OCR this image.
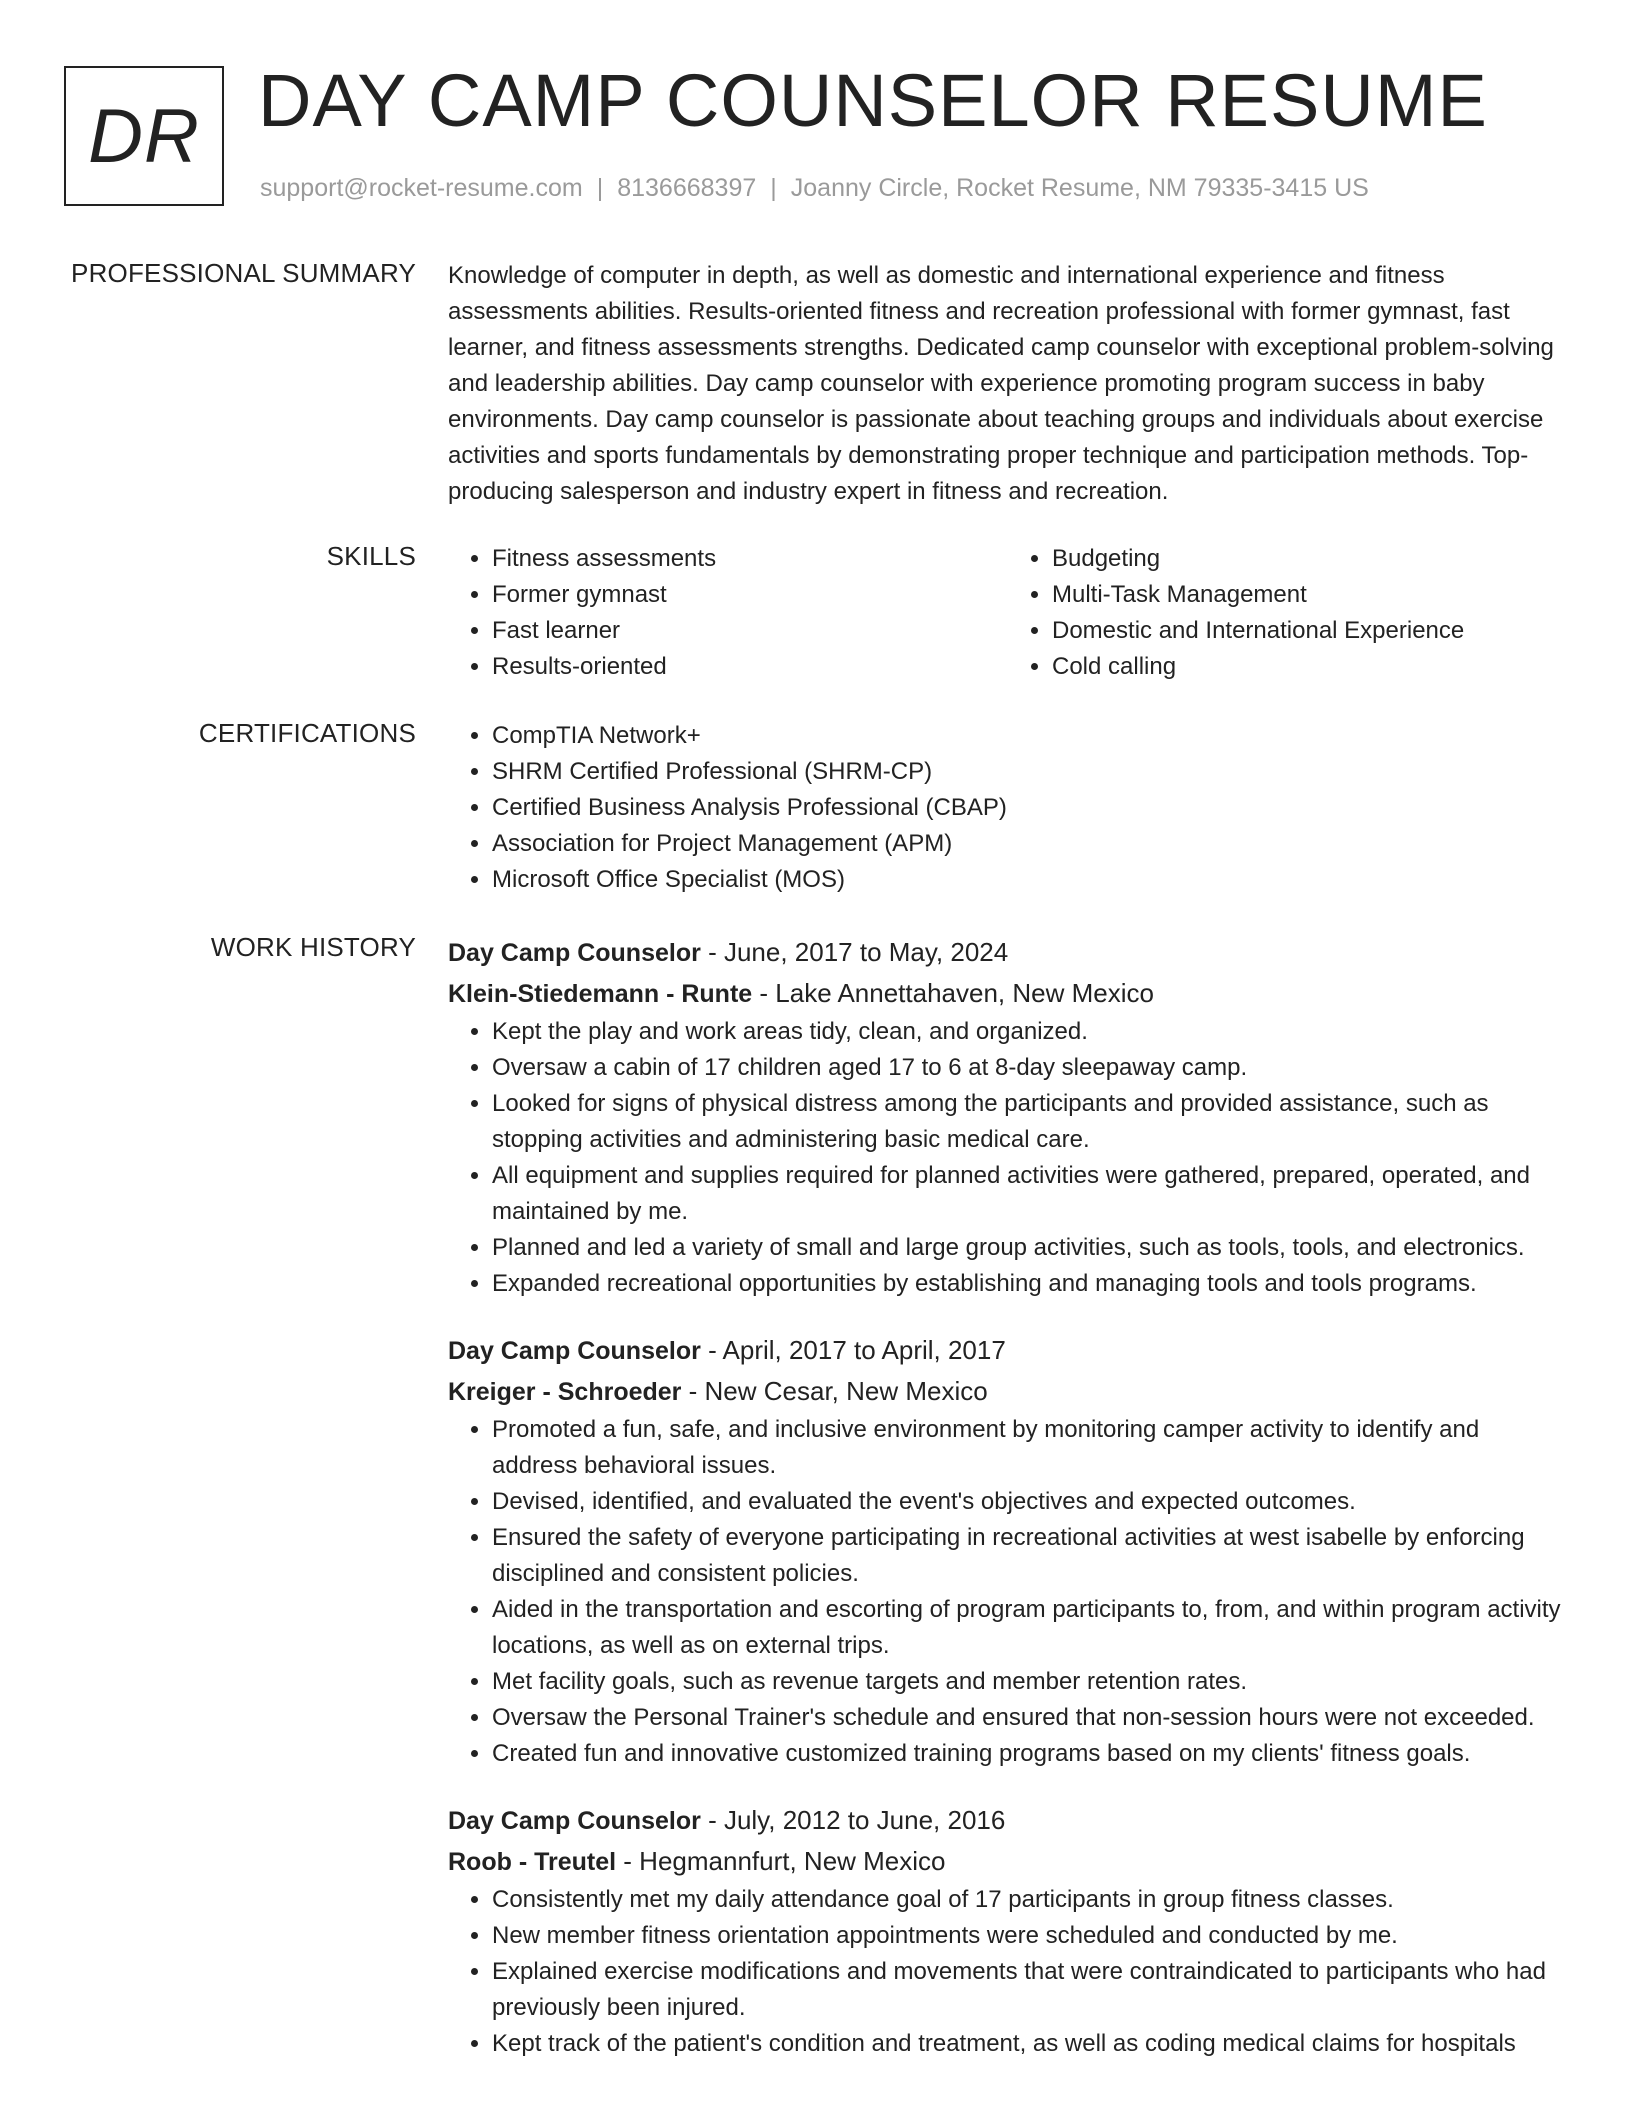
DR DAY CAMP COUNSELOR RESUME
support@rocket-resume.com | 8136668397 | Joanny Circle, Rocket Resume, NM 79335-3415 US
PROFESSIONAL SUMMARY Knowledge of computer in depth, as well as domestic and international experience and fitness assessments abilities. Results-oriented fitness and recreation professional with former gymnast, fast learner, and fitness assessments strengths. Dedicated camp counselor with exceptional problem-solving and leadership abilities. Day camp counselor with experience promoting program success in baby environments. Day camp counselor is passionate about teaching groups and individuals about exercise activities and sports fundamentals by demonstrating proper technique and participation methods. Top-producing salesperson and industry expert in fitness and recreation.
SKILLS	• Fitness assessments
• Former gymnast
• Fast learner
• Results-oriented
• Budgeting
• Multi-Task Management
• Domestic and International Experience
• Cold calling
CERTIFICATIONS	• CompTIA Network+
• SHRM Certified Professional (SHRM-CP)
• Certified Business Analysis Professional (CBAP)
• Association for Project Management (APM)
• Microsoft Office Specialist (MOS)
WORK HISTORY Day Camp Counselor - June, 2017 to May, 2024
Klein-Stiedemann - Runte - Lake Annettahaven, New Mexico
• Kept the play and work areas tidy, clean, and organized.
• Oversaw a cabin of 17 children aged 17 to 6 at 8-day sleepaway camp.
• Looked for signs of physical distress among the participants and provided assistance, such as stopping activities and administering basic medical care.
• All equipment and supplies required for planned activities were gathered, prepared, operated, and maintained by me.
• Planned and led a variety of small and large group activities, such as tools, tools, and electronics.
• Expanded recreational opportunities by establishing and managing tools and tools programs.
Day Camp Counselor - April, 2017 to April, 2017
Kreiger - Schroeder - New Cesar, New Mexico
• Promoted a fun, safe, and inclusive environment by monitoring camper activity to identify and address behavioral issues.
• Devised, identified, and evaluated the event's objectives and expected outcomes.
• Ensured the safety of everyone participating in recreational activities at west isabelle by enforcing disciplined and consistent policies.
• Aided in the transportation and escorting of program participants to, from, and within program activity locations, as well as on external trips.
• Met facility goals, such as revenue targets and member retention rates.
• Oversaw the Personal Trainer's schedule and ensured that non-session hours were not exceeded.
• Created fun and innovative customized training programs based on my clients' fitness goals.
Day Camp Counselor - July, 2012 to June, 2016
Roob - Treutel - Hegmannfurt, New Mexico
• Consistently met my daily attendance goal of 17 participants in group fitness classes.
• New member fitness orientation appointments were scheduled and conducted by me.
• Explained exercise modifications and movements that were contraindicated to participants who had previously been injured.
• Kept track of the patient's condition and treatment, as well as coding medical claims for hospitals
